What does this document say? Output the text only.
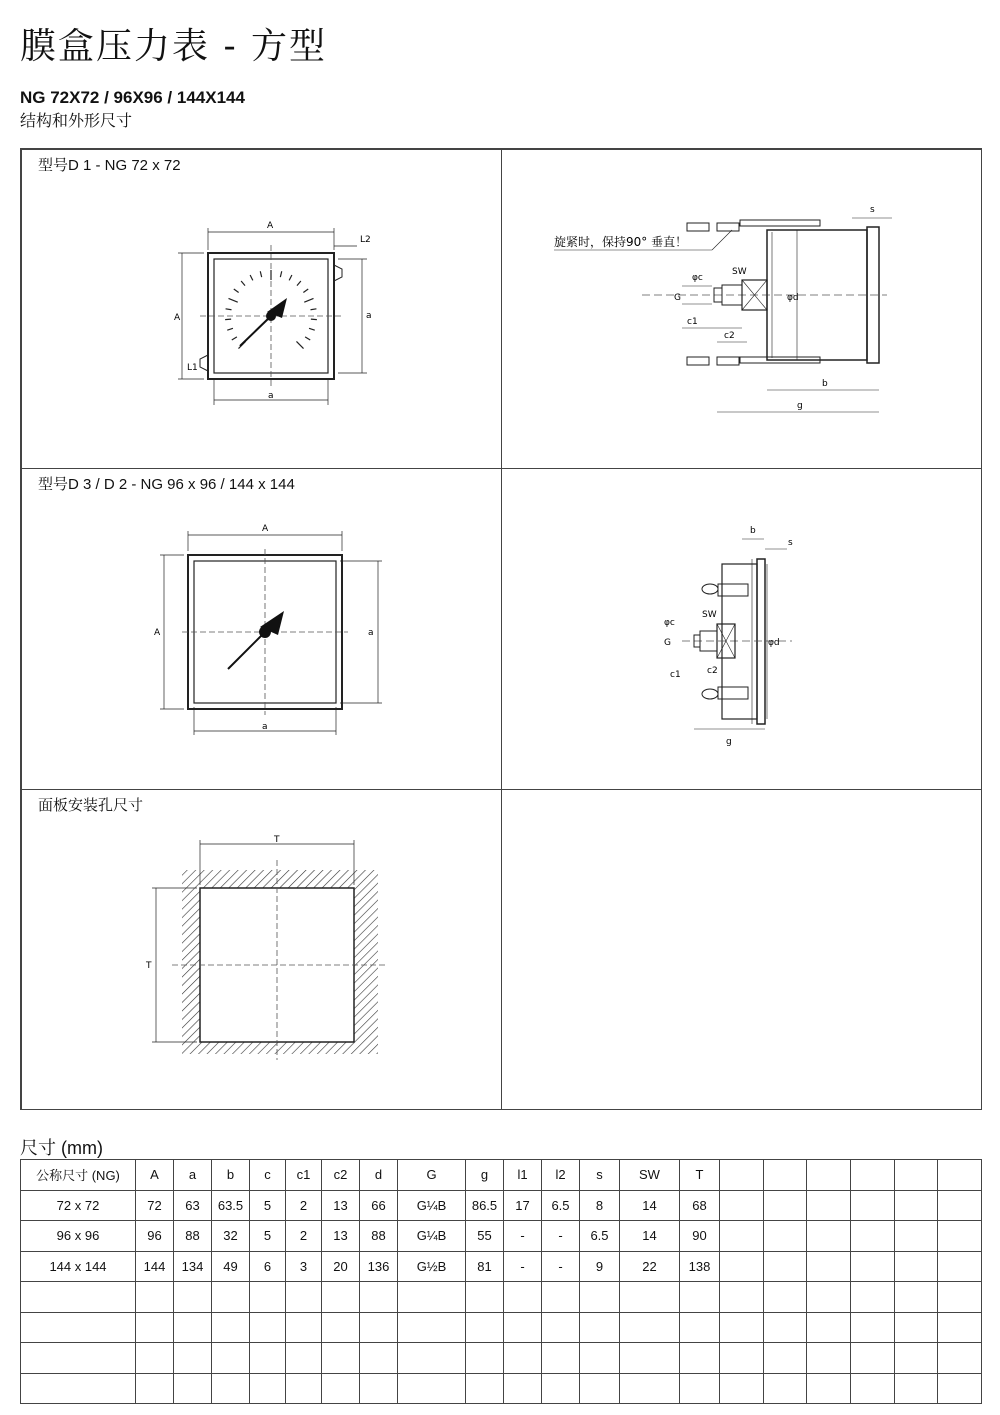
膜盒压力表 - 方型
NG 72X72 / 96X96 / 144X144
结构和外形尺寸
型号D 1 - NG 72 x 72
A
L2
A
L1
a
a
旋紧时，保持90° 垂直！
SW
φc
G
c1
c2
φd
s
b
g
型号D 3 / D 2 - NG 96 x 96 / 144 x 144
A
A	a
a
b
s
φc
SW
G	φd
c2
c1
g
面板安装孔尺寸
T
T
尺寸 (mm)
公称尺寸 (NG)	A	a	b	c	c1	c2	d	G	g	l1	l2	s	SW	T						
72 x 72	72	63	63.5	5	2	13	66	G¼B	86.5	17	6.5	8	14	68						
96 x 96	96	88	32	5	2	13	88	G¼B	55	-	-	6.5	14	90						
144 x 144	144	134	49	6	3	20	136	G½B	81	-	-	9	22	138						
